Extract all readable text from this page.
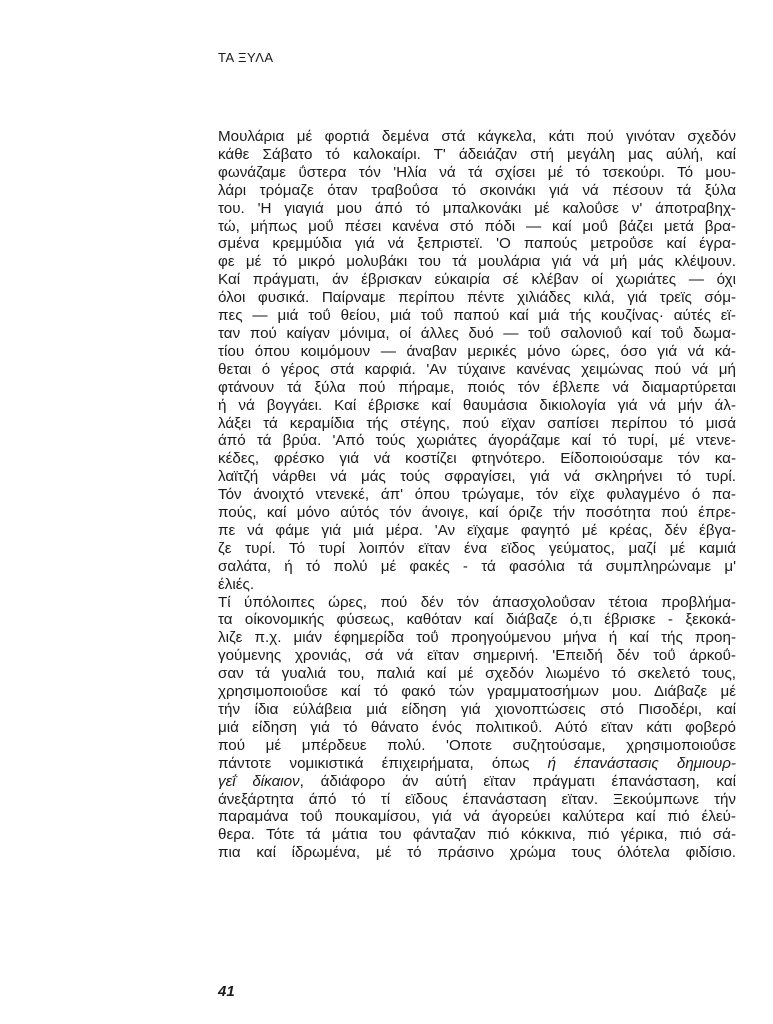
ΤΑ ΞΥΛΑ
Μουλάρια μέ φορτιά δεμένα στά κάγκελα, κάτι πού γινόταν σχεδόν
κάθε Σάβατο τό καλοκαίρι. Τ' άδειάζαν στή μεγάλη μας αύλή, καί
φωνάζαμε ΰστερα τόν 'Ηλία νά τά σχίσει μέ τό τσεκούρι. Τό μου-
λάρι τρόμαζε όταν τραβοΰσα τό σκοινάκι γιά νά πέσουν τά ξύλα
του. 'Η γιαγιά μου άπό τό μπαλκονάκι μέ καλοΰσε ν' άποτραβηχ-
τώ, μήπως μοΰ πέσει κανένα στό πόδι — καί μοΰ βάζει μετά βρα-
σμένα κρεμμύδια γιά νά ξεπριστεϊ. 'Ο παπούς μετροΰσε καί έγρα-
φε μέ τό μικρό μολυβάκι του τά μουλάρια γιά νά μή μάς κλέψουν.
Καί πράγματι, άν έβρισκαν εύκαιρία σέ κλέβαν οί χωριάτες — όχι
όλοι φυσικά. Παίρναμε περίπου πέντε χιλιάδες κιλά, γιά τρεϊς σόμ-
πες — μιά τοΰ θείου, μιά τοΰ παπού καί μιά τής κουζίνας· αύτές εϊ-
ταν πού καίγαν μόνιμα, οί άλλες δυό — τοΰ σαλονιοΰ καί τοΰ δωμα-
τίου όπου κοιμόμουν — άναβαν μερικές μόνο ώρες, όσο γιά νά κά-
θεται ό γέρος στά καρφιά. 'Αν τύχαινε κανένας χειμώνας πού νά μή
φτάνουν τά ξύλα πού πήραμε, ποιός τόν έβλεπε νά διαμαρτύρεται
ή νά βογγάει. Καί έβρισκε καί θαυμάσια δικιολογία γιά νά μήν άλ-
λάξει τά κεραμίδια τής στέγης, πού εϊχαν σαπίσει περίπου τό μισά
άπό τά βρύα. 'Από τούς χωριάτες άγοράζαμε καί τό τυρί, μέ ντενε-
κέδες, φρέσκο γιά νά κοστίζει φτηνότερο. Είδοποιούσαμε τόν κα-
λαϊτζή νάρθει νά μάς τούς σφραγίσει, γιά νά σκληρήνει τό τυρί.
Τόν άνοιχτό ντενεκέ, άπ' όπου τρώγαμε, τόν εϊχε φυλαγμένο ό πα-
πούς, καί μόνο αύτός τόν άνοιγε, καί όριζε τήν ποσότητα πού έπρε-
πε νά φάμε γιά μιά μέρα. 'Αν εϊχαμε φαγητό μέ κρέας, δέν έβγα-
ζε τυρί. Τό τυρί λοιπόν εϊταν ένα εϊδος γεύματος, μαζί μέ καμιά
σαλάτα, ή τό πολύ μέ φακές - τά φασόλια τά συμπληρώναμε μ'
έλιές.
Τί ύπόλοιπες ώρες, πού δέν τόν άπασχολοΰσαν τέτοια προβλήμα-
τα οίκονομικής φύσεως, καθόταν καί διάβαζε ό,τι έβρισκε - ξεκοκά-
λιζε π.χ. μιάν έφημερίδα τοΰ προηγούμενου μήνα ή καί τής προη-
γούμενης χρονιάς, σά νά εϊταν σημερινή. 'Επειδή δέν τοΰ άρκοΰ-
σαν τά γυαλιά του, παλιά καί μέ σχεδόν λιωμένο τό σκελετό τους,
χρησιμοποιοΰσε καί τό φακό τών γραμματοσήμων μου. Διάβαζε μέ
τήν ίδια εύλάβεια μιά είδηση γιά χιονοπτώσεις στό Πισοδέρι, καί
μιά είδηση γιά τό θάνατο ένός πολιτικοΰ. Αύτό εϊταν κάτι φοβερό
πού μέ μπέρδευε πολύ. 'Οποτε συζητούσαμε, χρησιμοποιοΰσε
πάντοτε νομικιστικά έπιχειρήματα, όπως ή έπανάστασις δημιουρ-
γεΐ δίκαιον, άδιάφορο άν αύτή εϊταν πράγματι έπανάσταση, καί
άνεξάρτητα άπό τό τί εϊδους έπανάσταση εϊταν. Ξεκούμπωνε τήν
παραμάνα τοΰ πουκαμίσου, γιά νά άγορεύει καλύτερα καί πιό έλεύ-
θερα. Τότε τά μάτια του φάνταζαν πιό κόκκινα, πιό γέρικα, πιό σά-
πια καί ίδρωμένα, μέ τό πράσινο χρώμα τους όλότελα φιδίσιο.
41
